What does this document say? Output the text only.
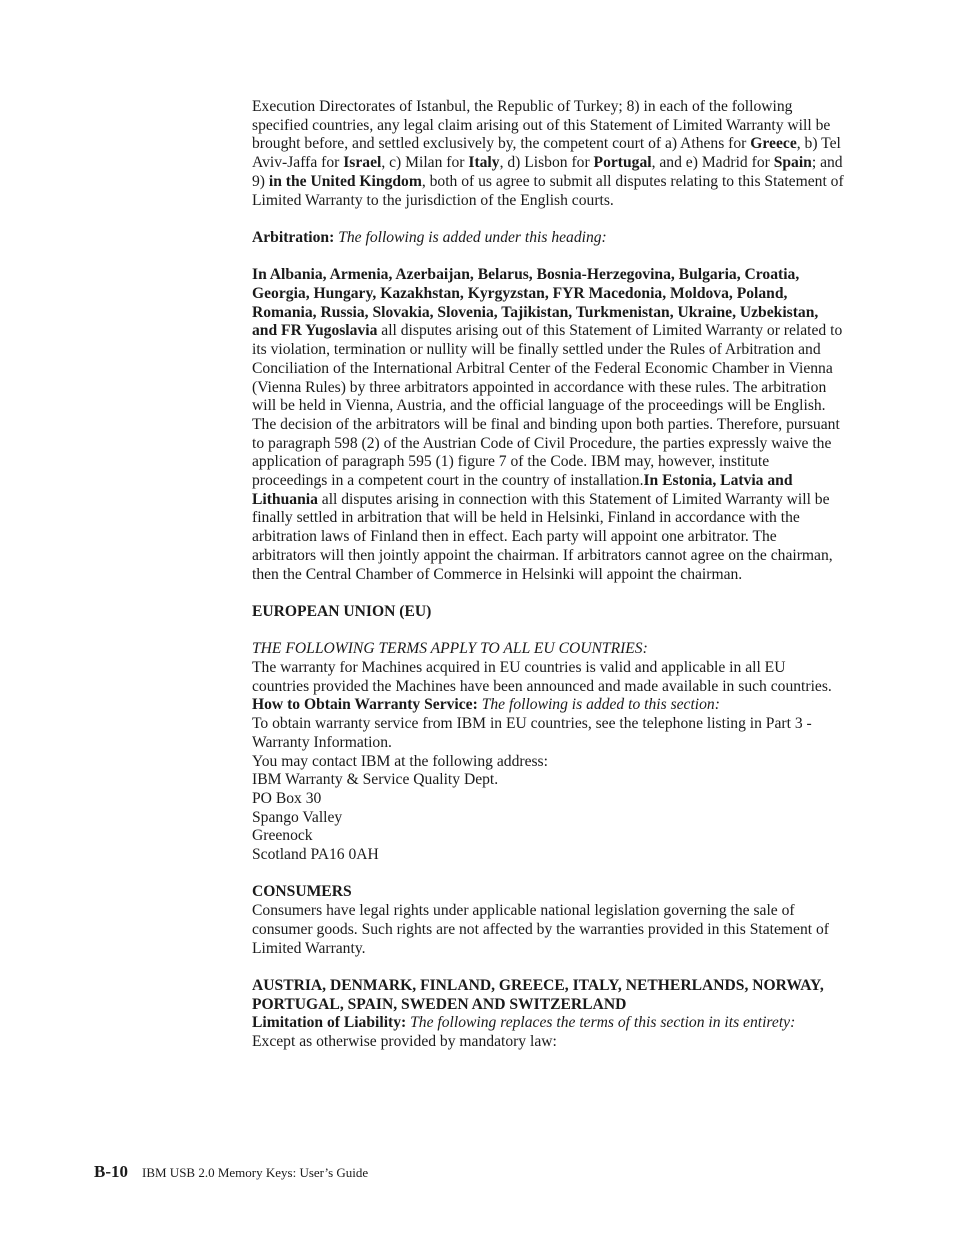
Execution Directorates of Istanbul, the Republic of Turkey; 8) in each of the following specified countries, any legal claim arising out of this Statement of Limited Warranty will be brought before, and settled exclusively by, the competent court of a) Athens for Greece, b) Tel Aviv-Jaffa for Israel, c) Milan for Italy, d) Lisbon for Portugal, and e) Madrid for Spain; and 9) in the United Kingdom, both of us agree to submit all disputes relating to this Statement of Limited Warranty to the jurisdiction of the English courts.

Arbitration: The following is added under this heading:

In Albania, Armenia, Azerbaijan, Belarus, Bosnia-Herzegovina, Bulgaria, Croatia, Georgia, Hungary, Kazakhstan, Kyrgyzstan, FYR Macedonia, Moldova, Poland, Romania, Russia, Slovakia, Slovenia, Tajikistan, Turkmenistan, Ukraine, Uzbekistan, and FR Yugoslavia all disputes arising out of this Statement of Limited Warranty or related to its violation, termination or nullity will be finally settled under the Rules of Arbitration and Conciliation of the International Arbitral Center of the Federal Economic Chamber in Vienna (Vienna Rules) by three arbitrators appointed in accordance with these rules. The arbitration will be held in Vienna, Austria, and the official language of the proceedings will be English. The decision of the arbitrators will be final and binding upon both parties. Therefore, pursuant to paragraph 598 (2) of the Austrian Code of Civil Procedure, the parties expressly waive the application of paragraph 595 (1) figure 7 of the Code. IBM may, however, institute proceedings in a competent court in the country of installation.In Estonia, Latvia and Lithuania all disputes arising in connection with this Statement of Limited Warranty will be finally settled in arbitration that will be held in Helsinki, Finland in accordance with the arbitration laws of Finland then in effect. Each party will appoint one arbitrator. The arbitrators will then jointly appoint the chairman. If arbitrators cannot agree on the chairman, then the Central Chamber of Commerce in Helsinki will appoint the chairman.

EUROPEAN UNION (EU)

THE FOLLOWING TERMS APPLY TO ALL EU COUNTRIES:

The warranty for Machines acquired in EU countries is valid and applicable in all EU countries provided the Machines have been announced and made available in such countries.

How to Obtain Warranty Service: The following is added to this section:

To obtain warranty service from IBM in EU countries, see the telephone listing in Part 3 - Warranty Information.

You may contact IBM at the following address:

IBM Warranty & Service Quality Dept.
PO Box 30
Spango Valley
Greenock
Scotland PA16 0AH

CONSUMERS

Consumers have legal rights under applicable national legislation governing the sale of consumer goods. Such rights are not affected by the warranties provided in this Statement of Limited Warranty.

AUSTRIA, DENMARK, FINLAND, GREECE, ITALY, NETHERLANDS, NORWAY, PORTUGAL, SPAIN, SWEDEN AND SWITZERLAND

Limitation of Liability: The following replaces the terms of this section in its entirety:

Except as otherwise provided by mandatory law:

B-10 IBM USB 2.0 Memory Keys: User’s Guide
